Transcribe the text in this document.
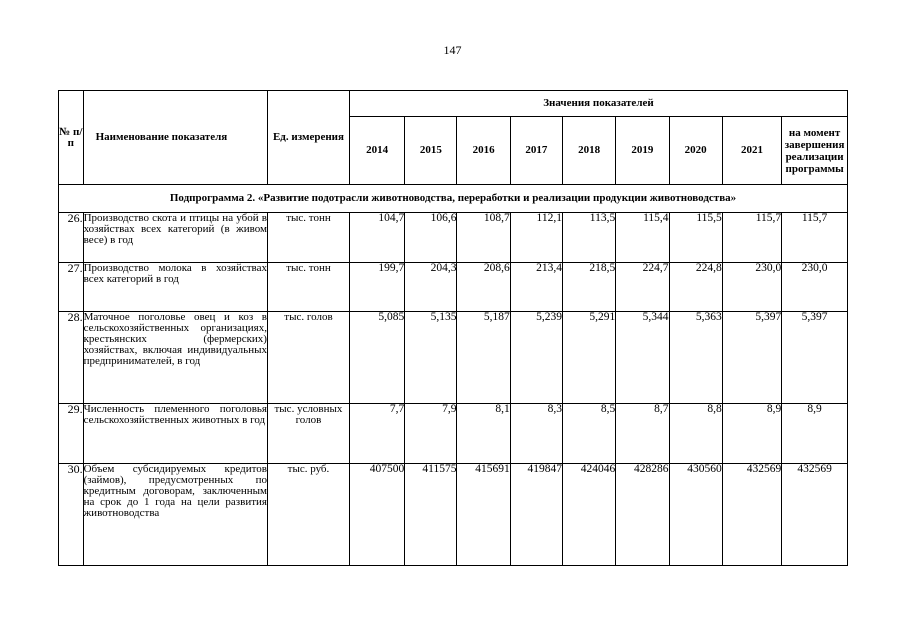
147
№ п/п	Наименование показателя	Ед. измерения	Значения показателей								
			2014	2015	2016	2017	2018	2019	2020	2021	на момент завершения реализации программы
Подпрограмма 2. «Развитие подотрасли животноводства, переработки и реализации продукции животноводства»											
26.	Производство скота и птицы на убой в хозяйствах всех категорий (в живом весе) в год	тыс. тонн	104,7	106,6	108,7	112,1	113,5	115,4	115,5	115,7	115,7
27.	Производство молока в хозяйствах всех категорий в год	тыс. тонн	199,7	204,3	208,6	213,4	218,5	224,7	224,8	230,0	230,0
28.	Маточное поголовье овец и коз в сельскохозяйственных организациях, крестьянских (фермерских) хозяйствах, включая индивидуальных предпринимателей, в год	тыс. голов	5,085	5,135	5,187	5,239	5,291	5,344	5,363	5,397	5,397
29.	Численность племенного поголовья сельскохозяйственных животных в год	тыс. условных голов	7,7	7,9	8,1	8,3	8,5	8,7	8,8	8,9	8,9
30.	Объем субсидируемых кредитов (займов), предусмотренных по кредитным договорам, заключенным на срок до 1 года на цели развития животноводства	тыс. руб.	407500	411575	415691	419847	424046	428286	430560	432569	432569
